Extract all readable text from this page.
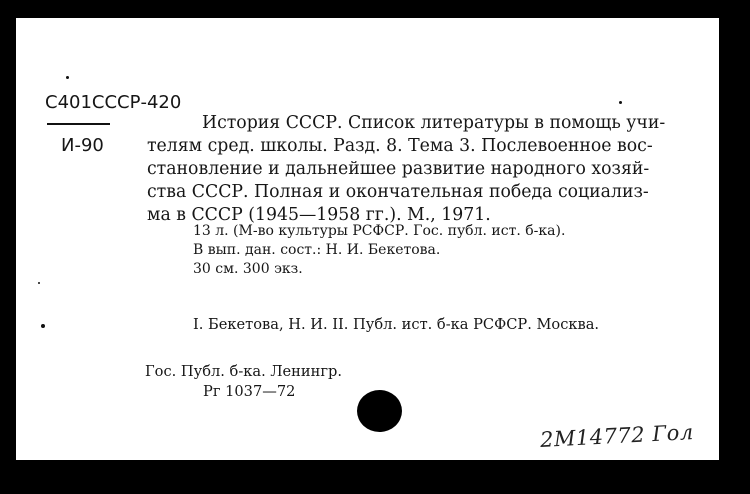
С401СССР-420
И-90
История СССР. Список литературы в помощь учи-
телям сред. школы. Разд. 8. Тема 3. Послевоенное вос-
становление и дальнейшее развитие народного хозяй-
ства СССР. Полная и окончательная победа социализ-
ма в СССР (1945—1958 гг.). М., 1971.
13 л. (М-во культуры РСФСР. Гос. публ. ист. б-ка).
В вып. дан. сост.: Н. И. Бекетова.
30 см. 300 экз.
I. Бекетова, Н. И. II. Публ. ист. б-ка РСФСР. Москва.
Гос. Публ. б-ка. Ленингр.
Рг 1037—72
2М14772 Гол
